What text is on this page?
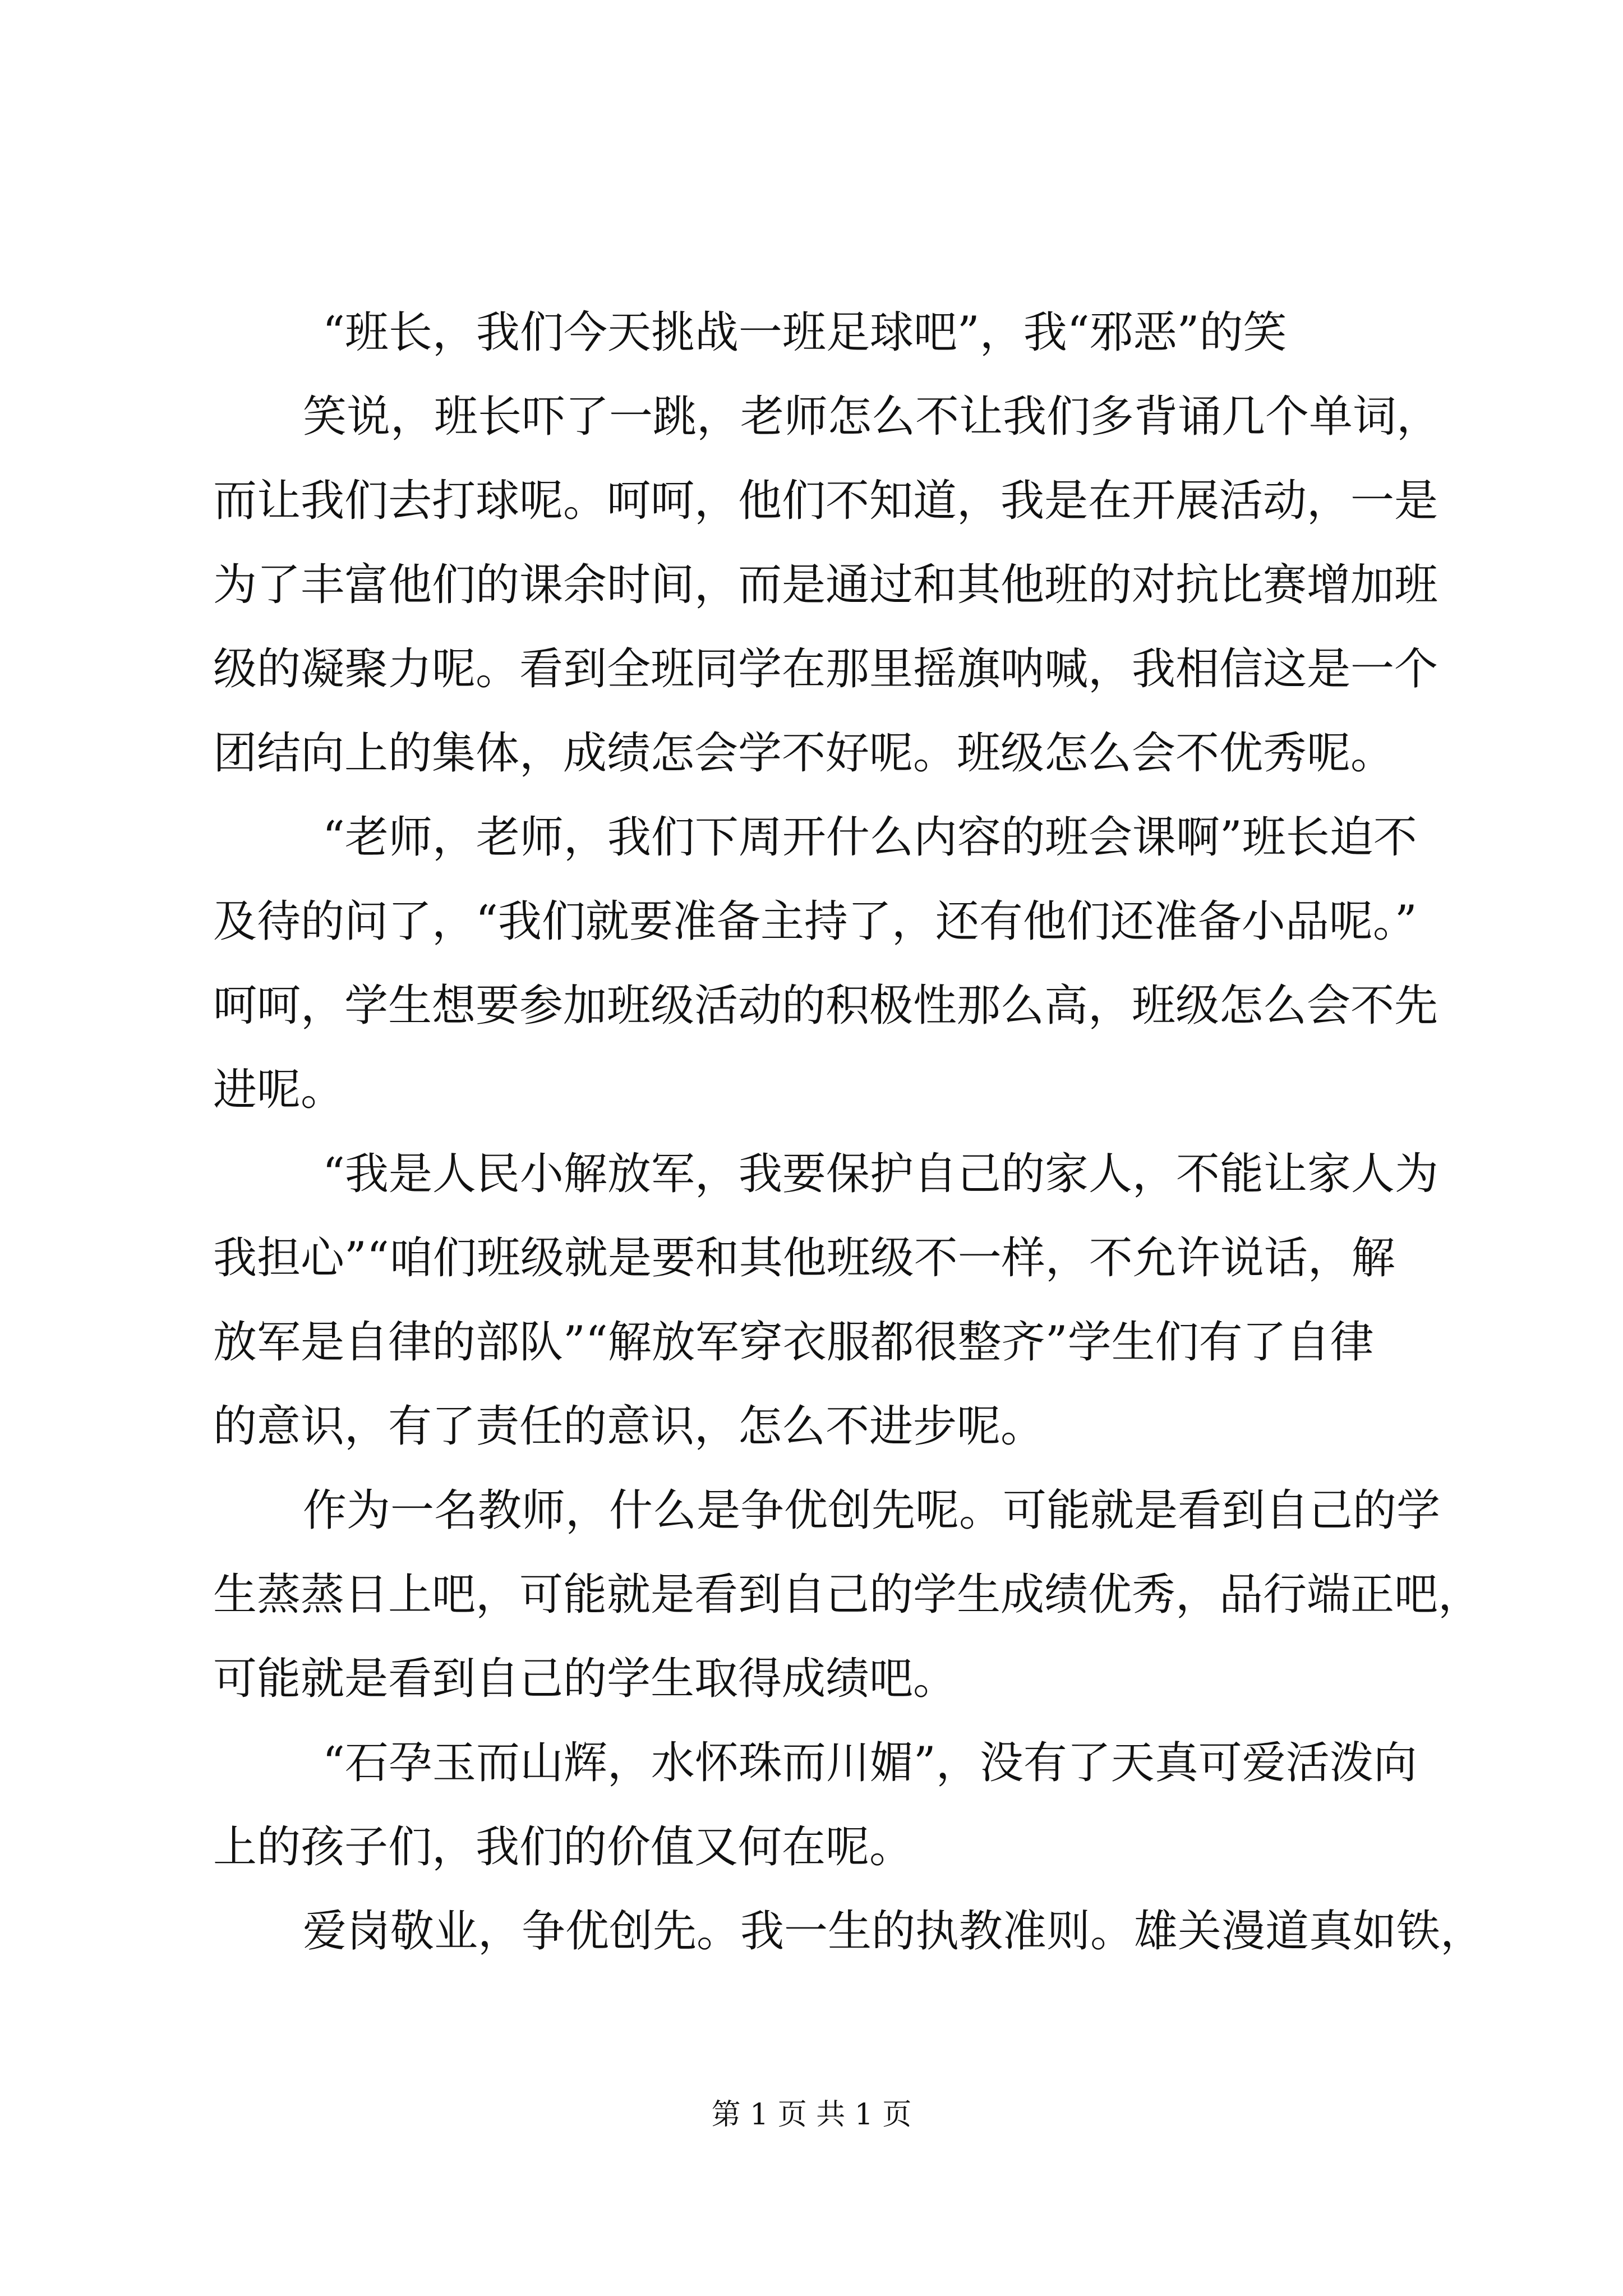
“班长，我们今天挑战一班足球吧”，我“邪恶”的笑
笑说，班长吓了一跳，老师怎么不让我们多背诵几个单词，
而让我们去打球呢。呵呵，他们不知道，我是在开展活动，一是
为了丰富他们的课余时间，而是通过和其他班的对抗比赛增加班
级的凝聚力呢。看到全班同学在那里摇旗呐喊，我相信这是一个
团结向上的集体，成绩怎会学不好呢。班级怎么会不优秀呢。
“老师，老师，我们下周开什么内容的班会课啊”班长迫不
及待的问了，“我们就要准备主持了，还有他们还准备小品呢。”
呵呵，学生想要参加班级活动的积极性那么高，班级怎么会不先
进呢。
“我是人民小解放军，我要保护自己的家人，不能让家人为
我担心”“咱们班级就是要和其他班级不一样，不允许说话，解
放军是自律的部队”“解放军穿衣服都很整齐”学生们有了自律
的意识，有了责任的意识，怎么不进步呢。
作为一名教师，什么是争优创先呢。可能就是看到自己的学
生蒸蒸日上吧，可能就是看到自己的学生成绩优秀，品行端正吧，
可能就是看到自己的学生取得成绩吧。
“石孕玉而山辉，水怀珠而川媚”，没有了天真可爱活泼向
上的孩子们，我们的价值又何在呢。
爱岗敬业，争优创先。我一生的执教准则。雄关漫道真如铁，
第 1 页 共 1 页
